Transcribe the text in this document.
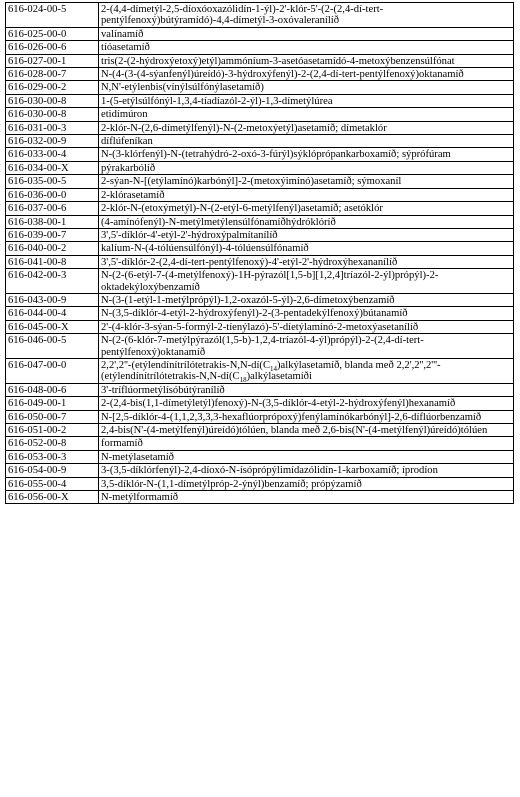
616-024-00-5	2-(4,4-dímetýl-2,5-díoxóoxazólidín-1-ýl)-2'-klór-5'-(2-(2,4-dí-tert-pentýlfenoxý)bútýramídó)-4,4-dímetýl-3-oxóvaleranílíð
616-025-00-0	valínamíð
616-026-00-6	tíóasetamíð
616-027-00-1	tris(2-(2-hýdroxýetoxý)etýl)ammóníum-3-asetóasetamídó-4-metoxýbenzensúlfónat
616-028-00-7	N-(4-(3-(4-sýanfenýl)úreídó)-3-hýdroxýfenýl)-2-(2,4-dí-tert-pentýlfenoxý)oktanamíð
616-029-00-2	N,N'-etýlenbis(vínýlsúlfónýlasetamíð)
616-030-00-8	1-(5-etýlsúlfónýl-1,3,4-tíadíazól-2-ýl)-1,3-dímetýlúrea
616-030-00-8	etidímúron
616-031-00-3	2-klór-N-(2,6-dímetýlfenýl)-N-(2-metoxýetýl)asetamíð; dímetaklór
616-032-00-9	díflúfeníkan
616-033-00-4	N-(3-klórfenýl)-N-(tetrahýdró-2-oxó-3-fúrýl)sýklóprópankarboxamíð; sýprófúram
616-034-00-X	pýrakarbólíð
616-035-00-5	2-sýan-N-[(etýlamínó)karbónýl]-2-(metoxýimínó)asetamíð; sýmoxaníl
616-036-00-0	2-klórasetamíð
616-037-00-6	2-klór-N-(etoxýmetýl)-N-(2-etýl-6-metýlfenýl)asetamíð; asetóklór
616-038-00-1	(4-amínófenýl)-N-metýlmetýlensúlfónamíðhýdróklóríð
616-039-00-7	3',5'-díklór-4'-etýl-2'-hýdroxýpalmítanílíð
616-040-00-2	kalíum-N-(4-tólúensúlfónýl)-4-tólúensúlfónamíð
616-041-00-8	3',5'-díklór-2-(2,4-dí-tert-pentýlfenoxý)-4'-etýl-2'-hýdroxýhexananílíð
616-042-00-3	N-(2-(6-etýl-7-(4-metýlfenoxý)-1H-pýrazól[1,5-b][1,2,4]tríazól-2-ýl)própýl)-2-oktadekýloxýbenzamíð
616-043-00-9	N-(3-(1-etýl-1-metýlprópýl)-1,2-oxazól-5-ýl)-2,6-dímetoxýbenzamíð
616-044-00-4	N-(3,5-díklór-4-etýl-2-hýdroxýfenýl)-2-(3-pentadekýlfenoxý)bútanamíð
616-045-00-X	2'-(4-klór-3-sýan-5-formýl-2-tíenýlazó)-5'-díetýlamínó-2-metoxýasetanílíð
616-046-00-5	N-(2-(6-klór-7-metýlpýrazól(1,5-b)-1,2,4-tríazól-4-ýl)própýl)-2-(2,4-dí-tert-pentýlfenoxý)oktanamíð
616-047-00-0	$2,2',2''-(etýlendínítrílótetrakis-N,N-dí(C_{14})alkýlasetamíð$, blanda með $2,2',2'',2'''-(etýlendínítrílótetrakis-N,N-dí(C_{18})alkýlasetamíði$
616-048-00-6	3'-tríflúormetýlísóbútýranílíð
616-049-00-1	2-(2,4-bis(1,1-dímetýletýl)fenoxý)-N-(3,5-díklór-4-etýl-2-hýdroxýfenýl)hexanamíð
616-050-00-7	N-[2,5-díklór-4-(1,1,2,3,3,3-hexaflúorprópoxý)fenýlamínókarbónýl]-2,6-díflúorbenzamíð
616-051-00-2	2,4-bis(N'-(4-metýlfenýl)úreídó)tólúen, blanda með 2,6-bis(N'-(4-metýlfenýl)úreídó)tólúen
616-052-00-8	formamíð
616-053-00-3	N-metýlasetamíð
616-054-00-9	3-(3,5-díklórfenýl)-2,4-díoxó-N-ísóprópýlimídazólidín-1-karboxamíð; íprodíon
616-055-00-4	3,5-díklór-N-(1,1-dímetýlpróp-2-ýnýl)benzamíð; própýzamíð
616-056-00-X	N-metýlformamíð
